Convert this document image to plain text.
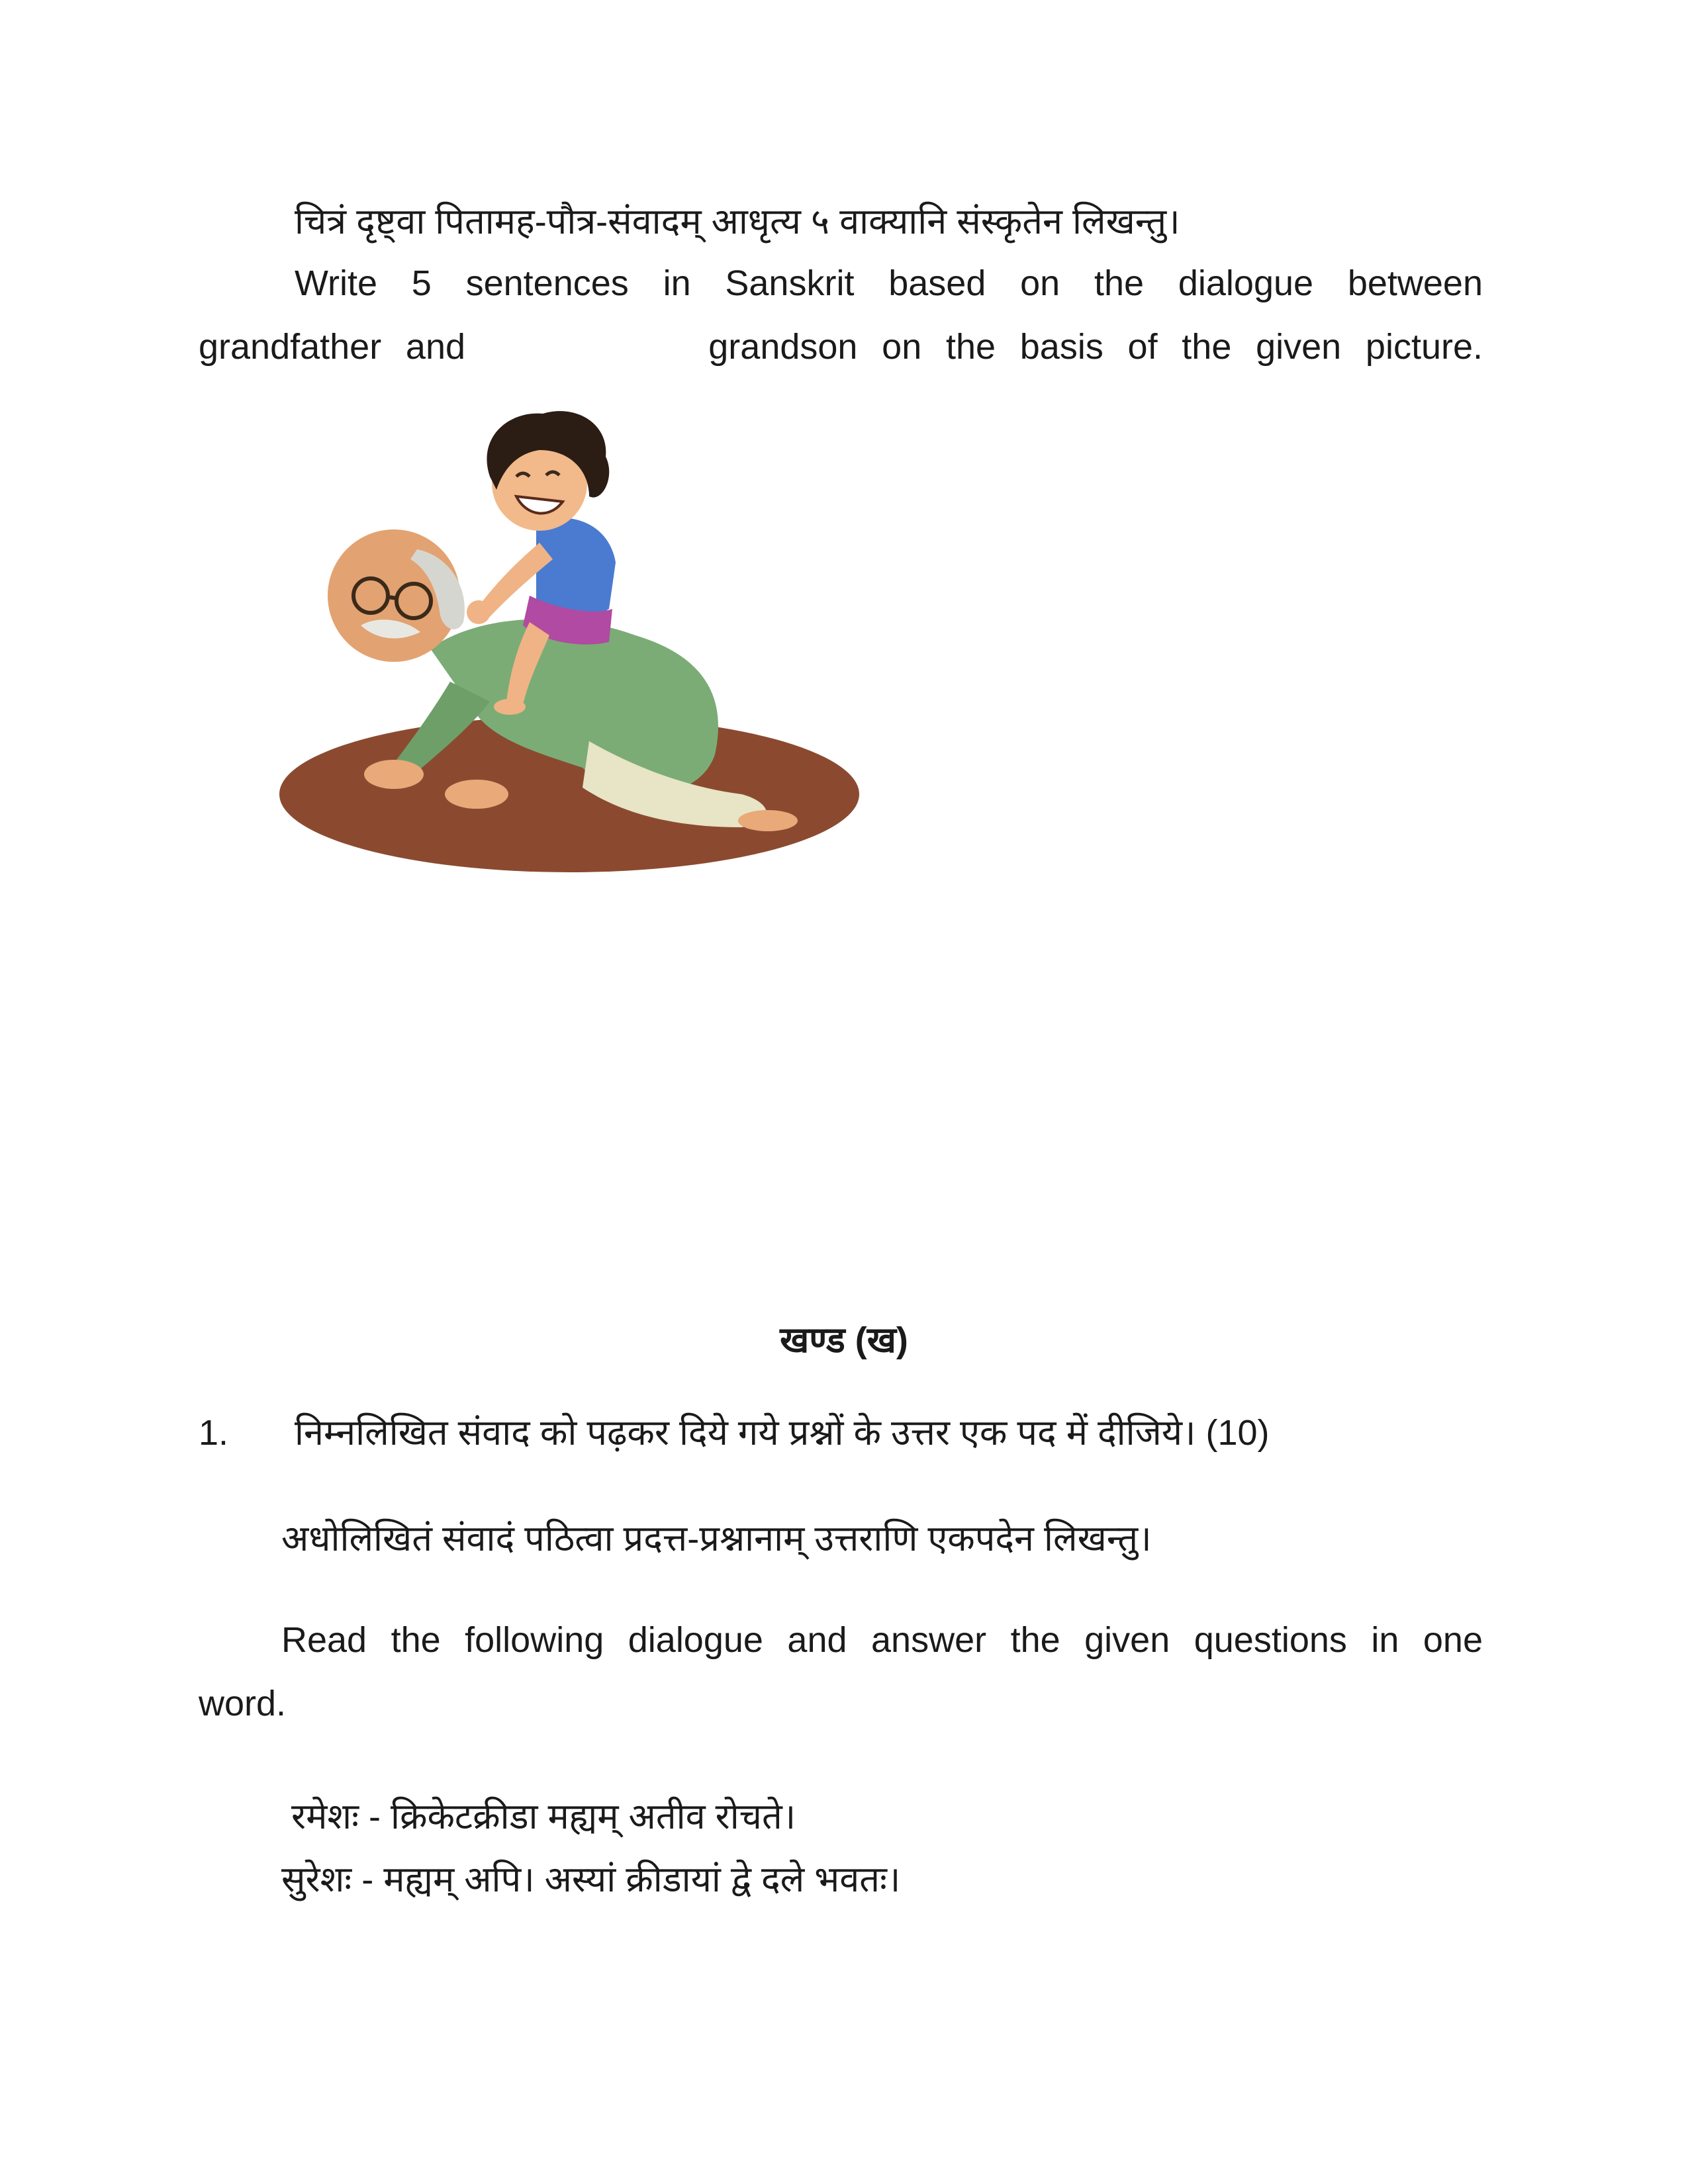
चित्रं दृष्ट्वा पितामह-पौत्र-संवादम् आधृत्य ५ वाक्यानि संस्कृतेन लिखन्तु।
Write 5 sentences in Sanskrit based on the dialogue between
grandfather and          grandson on the basis of the given picture.
खण्ड (ख)
1. निम्नलिखित संवाद को पढ़कर दिये गये प्रश्नों के उत्तर एक पद में दीजिये। (10)
अधोलिखितं संवादं पठित्वा प्रदत्त-प्रश्नानाम् उत्तराणि एकपदेन लिखन्तु।
Read the following dialogue and answer the given questions in one
word.
रमेशः - क्रिकेटक्रीडा मह्यम् अतीव रोचते।
सुरेशः - मह्यम् अपि। अस्यां क्रीडायां द्वे दले भवतः।
